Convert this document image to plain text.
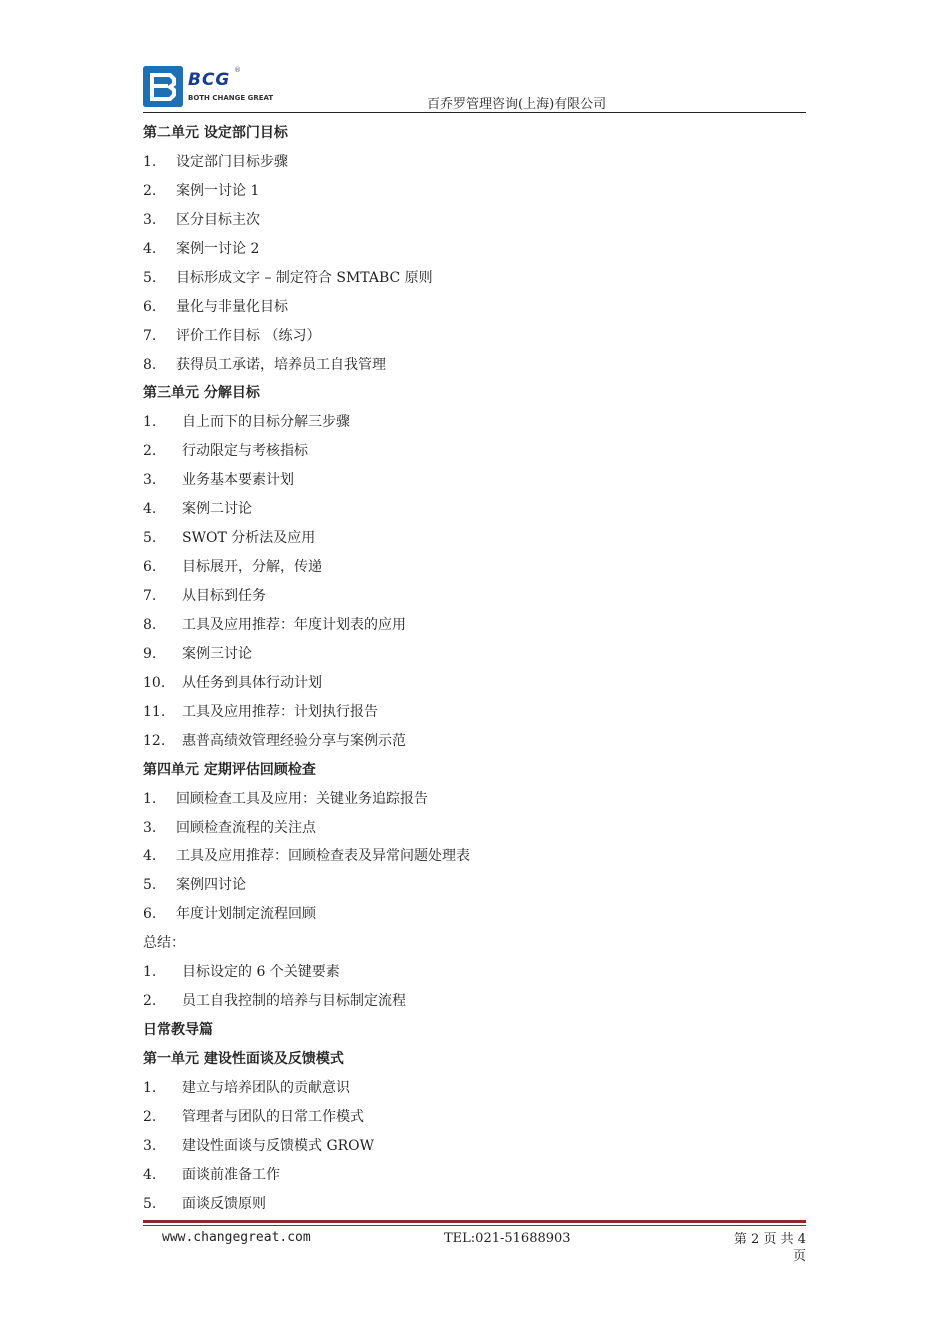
BCG ®
BOTH CHANGE GREAT	百乔罗管理咨询(上海)有限公司
第二单元 设定部门目标
1. 设定部门目标步骤
2. 案例一讨论 1
3. 区分目标主次
4. 案例一讨论 2
5. 目标形成文字 – 制定符合 SMTABC 原则
6. 量化与非量化目标
7. 评价工作目标 （练习）
8. 获得员工承诺，培养员工自我管理
第三单元 分解目标
1. 自上而下的目标分解三步骤
2. 行动限定与考核指标
3. 业务基本要素计划
4. 案例二讨论
5. SWOT 分析法及应用
6. 目标展开，分解，传递
7. 从目标到任务
8. 工具及应用推荐：年度计划表的应用
9. 案例三讨论
10. 从任务到具体行动计划
11. 工具及应用推荐：计划执行报告
12. 惠普高绩效管理经验分享与案例示范
第四单元 定期评估回顾检查
1. 回顾检查工具及应用：关键业务追踪报告
3. 回顾检查流程的关注点
4. 工具及应用推荐：回顾检查表及异常问题处理表
5. 案例四讨论
6. 年度计划制定流程回顾
总结：
1. 目标设定的 6 个关键要素
2. 员工自我控制的培养与目标制定流程
日常教导篇
第一单元 建设性面谈及反馈模式
1. 建立与培养团队的贡献意识
2. 管理者与团队的日常工作模式
3. 建设性面谈与反馈模式 GROW
4. 面谈前准备工作
5. 面谈反馈原则
www.changegreat.com	TEL:021-51688903	第 2 页 共 4 页
